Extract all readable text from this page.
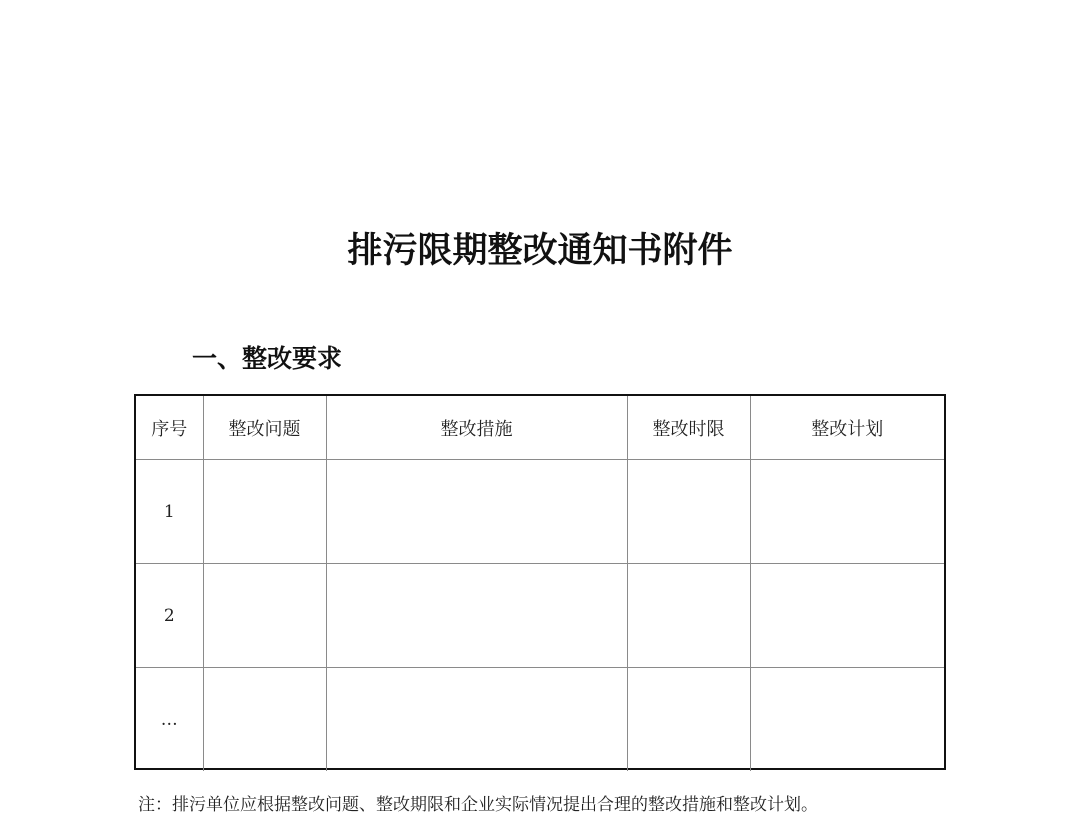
排污限期整改通知书附件
一、整改要求
序号	整改问题	整改措施	整改时限	整改计划
1				
2				
…				
注：排污单位应根据整改问题、整改期限和企业实际情况提出合理的整改措施和整改计划。
